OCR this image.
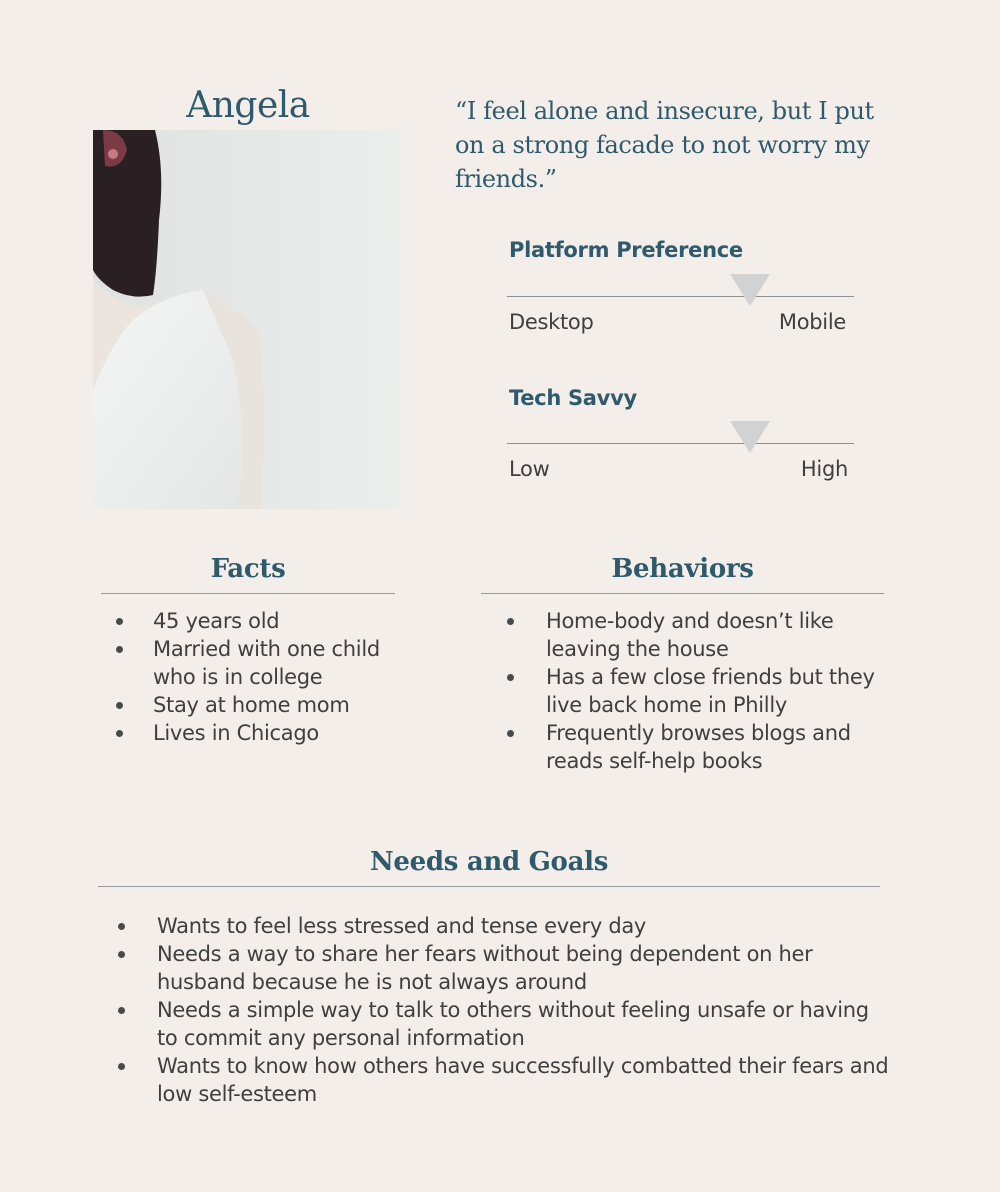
Angela	“I feel alone and insecure, but I put on a strong facade to not worry my friends.”
Platform Preference
Desktop	Mobile
Tech Savvy
Low	High
Facts
45 years old
Married with one child who is in college
Stay at home mom
Lives in Chicago
Behaviors
Home-body and doesn’t like leaving the house
Has a few close friends but they live back home in Philly
Frequently browses blogs and reads self-help books
Needs and Goals
Wants to feel less stressed and tense every day
Needs a way to share her fears without being dependent on her husband because he is not always around
Needs a simple way to talk to others without feeling unsafe or having to commit any personal information
Wants to know how others have successfully combatted their fears and low self-esteem
